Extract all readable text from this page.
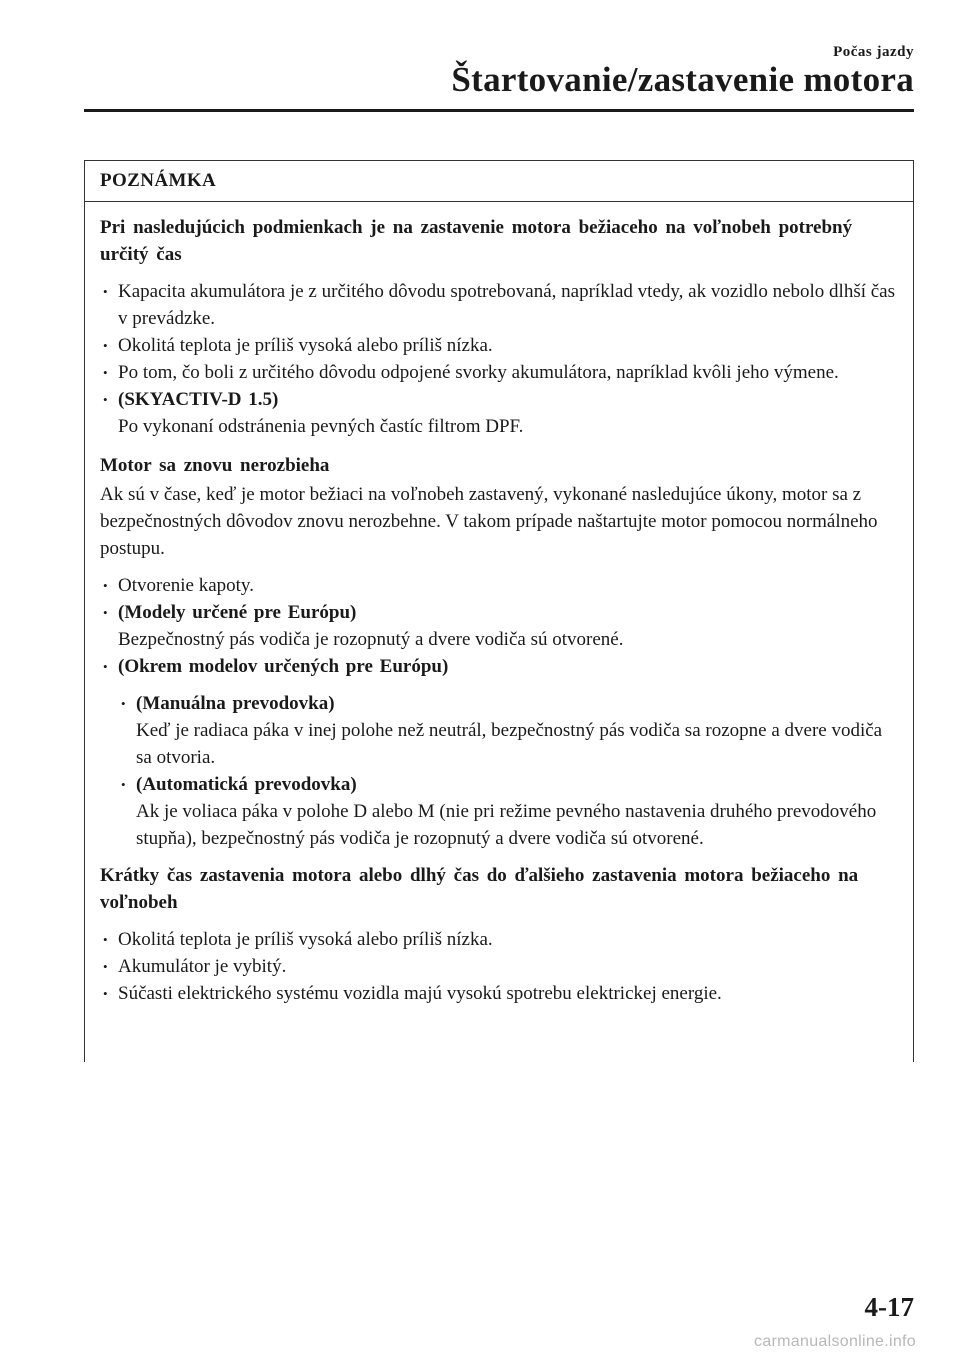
Počas jazdy
Štartovanie/zastavenie motora
POZNÁMKA
Pri nasledujúcich podmienkach je na zastavenie motora bežiaceho na voľnobeh potrebný určitý čas
• Kapacita akumulátora je z určitého dôvodu spotrebovaná, napríklad vtedy, ak vozidlo nebolo dlhší čas v prevádzke.
• Okolitá teplota je príliš vysoká alebo príliš nízka.
• Po tom, čo boli z určitého dôvodu odpojené svorky akumulátora, napríklad kvôli jeho výmene.
• (SKYACTIV-D 1.5)
Po vykonaní odstránenia pevných častíc filtrom DPF.
Motor sa znovu nerozbieha
Ak sú v čase, keď je motor bežiaci na voľnobeh zastavený, vykonané nasledujúce úkony, motor sa z bezpečnostných dôvodov znovu nerozbehne. V takom prípade naštartujte motor pomocou normálneho postupu.
• Otvorenie kapoty.
• (Modely určené pre Európu)
Bezpečnostný pás vodiča je rozopnutý a dvere vodiča sú otvorené.
• (Okrem modelov určených pre Európu)
• (Manuálna prevodovka)
Keď je radiaca páka v inej polohe než neutrál, bezpečnostný pás vodiča sa rozopne a dvere vodiča sa otvoria.
• (Automatická prevodovka)
Ak je voliaca páka v polohe D alebo M (nie pri režime pevného nastavenia druhého prevodového stupňa), bezpečnostný pás vodiča je rozopnutý a dvere vodiča sú otvorené.
Krátky čas zastavenia motora alebo dlhý čas do ďalšieho zastavenia motora bežiaceho na voľnobeh
• Okolitá teplota je príliš vysoká alebo príliš nízka.
• Akumulátor je vybitý.
• Súčasti elektrického systému vozidla majú vysokú spotrebu elektrickej energie.
4-17
carmanualsonline.info
